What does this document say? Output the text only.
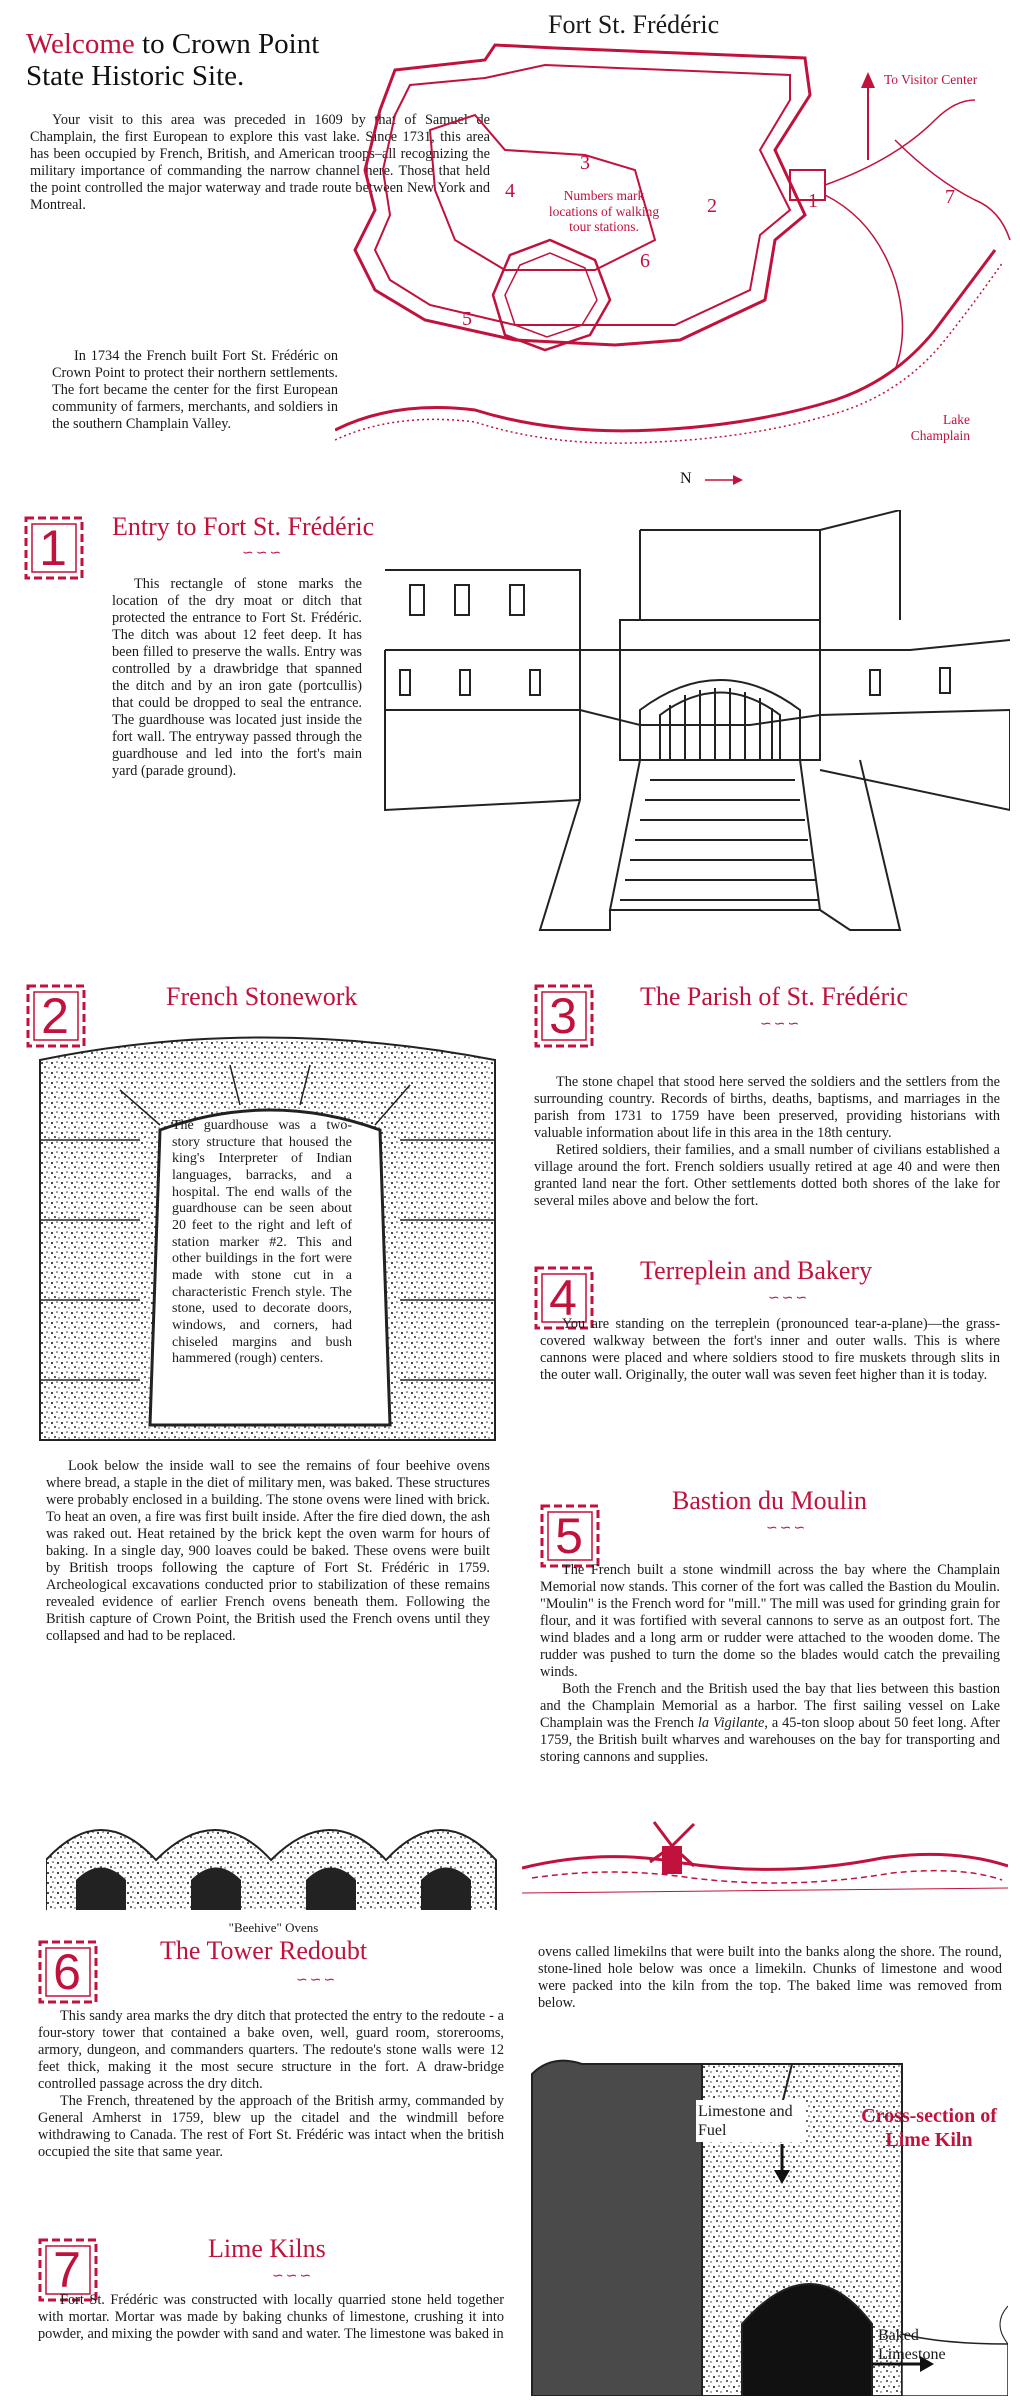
Welcome to Crown Point
State Historic Site.

Your visit to this area was preceded in 1609 by that of Samuel de Champlain, the first European to explore this vast lake. Since 1731, this area has been occupied by French, British, and American troops–all recognizing the military importance of commanding the narrow channel here. Those that held the point controlled the major waterway and trade route between New York and Montreal.

In 1734 the French built Fort St. Frédéric on Crown Point to protect their northern settlements. The fort became the center for the first European community of farmers, merchants, and soldiers in the southern Champlain Valley.

Fort St. Frédéric
To Visitor Center
Numbers mark locations of walking tour stations.
Lake Champlain
N
3
4
2	1	7
6
5
1	Entry to Fort St. Frédéric
∽∽∽

This rectangle of stone marks the location of the dry moat or ditch that protected the entrance to Fort St. Frédéric. The ditch was about 12 feet deep. It has been filled to preserve the walls. Entry was controlled by a drawbridge that spanned the ditch and by an iron gate (portcullis) that could be dropped to seal the entrance. The guardhouse was located just inside the fort wall. The entryway passed through the guardhouse and led into the fort's main yard (parade ground).

2	French Stonework

The guardhouse was a two-story structure that housed the king's Interpreter of Indian languages, barracks, and a hospital. The end walls of the guardhouse can be seen about 20 feet to the right and left of station marker #2. This and other buildings in the fort were made with stone cut in a characteristic French style. The stone, used to decorate doors, windows, and corners, had chiseled margins and bush hammered (rough) centers.

Look below the inside wall to see the remains of four beehive ovens where bread, a staple in the diet of military men, was baked. These structures were probably enclosed in a building. The stone ovens were lined with brick. To heat an oven, a fire was first built inside. After the fire died down, the ash was raked out. Heat retained by the brick kept the oven warm for hours of baking. In a single day, 900 loaves could be baked. These ovens were built by British troops following the capture of Fort St. Frédéric in 1759. Archeological excavations conducted prior to stabilization of these remains revealed evidence of earlier French ovens beneath them. Following the British capture of Crown Point, the British used the French ovens until they collapsed and had to be replaced.

"Beehive" Ovens
3	The Parish of St. Frédéric
∽∽∽

The stone chapel that stood here served the soldiers and the settlers from the surrounding country. Records of births, deaths, baptisms, and marriages in the parish from 1731 to 1759 have been preserved, providing historians with valuable information about life in this area in the 18th century.

Retired soldiers, their families, and a small number of civilians established a village around the fort. French soldiers usually retired at age 40 and were then granted land near the fort. Other settlements dotted both shores of the lake for several miles above and below the fort.

4	Terreplein and Bakery
∽∽∽

You are standing on the terreplein (pronounced tear-a-plane)—the grass-covered walkway between the fort's inner and outer walls. This is where cannons were placed and where soldiers stood to fire muskets through slits in the outer wall. Originally, the outer wall was seven feet higher than it is today.

5
Bastion du Moulin
∽∽∽

The French built a stone windmill across the bay where the Champlain Memorial now stands. This corner of the fort was called the Bastion du Moulin. "Moulin" is the French word for "mill." The mill was used for grinding grain for flour, and it was fortified with several cannons to serve as an outpost fort. The wind blades and a long arm or rudder were attached to the wooden dome. The rudder was pushed to turn the dome so the blades would catch the prevailing winds.

Both the French and the British used the bay that lies between this bastion and the Champlain Memorial as a harbor. The first sailing vessel on Lake Champlain was the French la Vigilante, a 45-ton sloop about 50 feet long. After 1759, the British built wharves and warehouses on the bay for transporting and storing cannons and supplies.

6	The Tower Redoubt
∽∽∽

This sandy area marks the dry ditch that protected the entry to the redoute - a four-story tower that contained a bake oven, well, guard room, storerooms, armory, dungeon, and commanders quarters. The redoute's stone walls were 12 feet thick, making it the most secure structure in the fort. A draw-bridge controlled passage across the dry ditch.

The French, threatened by the approach of the British army, commanded by General Amherst in 1759, blew up the citadel and the windmill before withdrawing to Canada. The rest of Fort St. Frédéric was intact when the british occupied the site that same year.

7	Lime Kilns
∽∽∽

Fort St. Frédéric was constructed with locally quarried stone held together with mortar. Mortar was made by baking chunks of limestone, crushing it into powder, and mixing the powder with sand and water. The limestone was baked in

ovens called limekilns that were built into the banks along the shore. The round, stone-lined hole below was once a limekiln. Chunks of limestone and wood were packed into the kiln from the top. The baked lime was removed from below.

Limestone and Fuel
Cross-section of Lime Kiln
Baked Limestone
